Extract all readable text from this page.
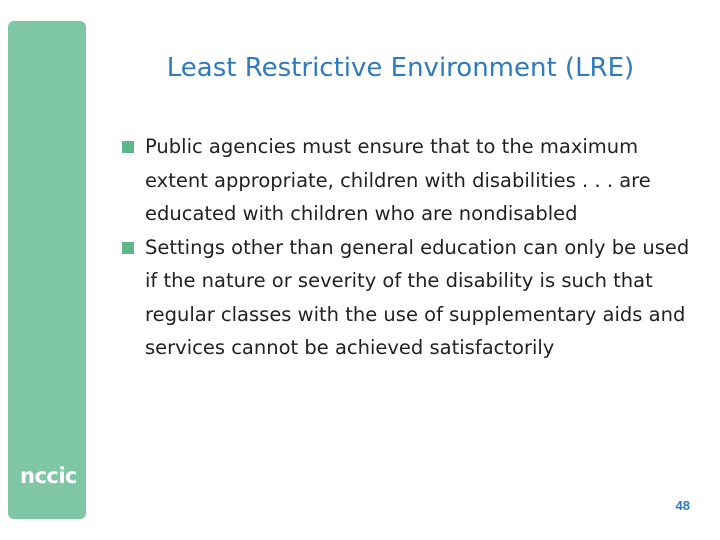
nccic
Least Restrictive Environment (LRE)
Public agencies must ensure that to the maximum extent appropriate, children with disabilities . . . are educated with children who are nondisabled
Settings other than general education can only be used if the nature or severity of the disability is such that regular classes with the use of supplementary aids and services cannot be achieved satisfactorily
48
